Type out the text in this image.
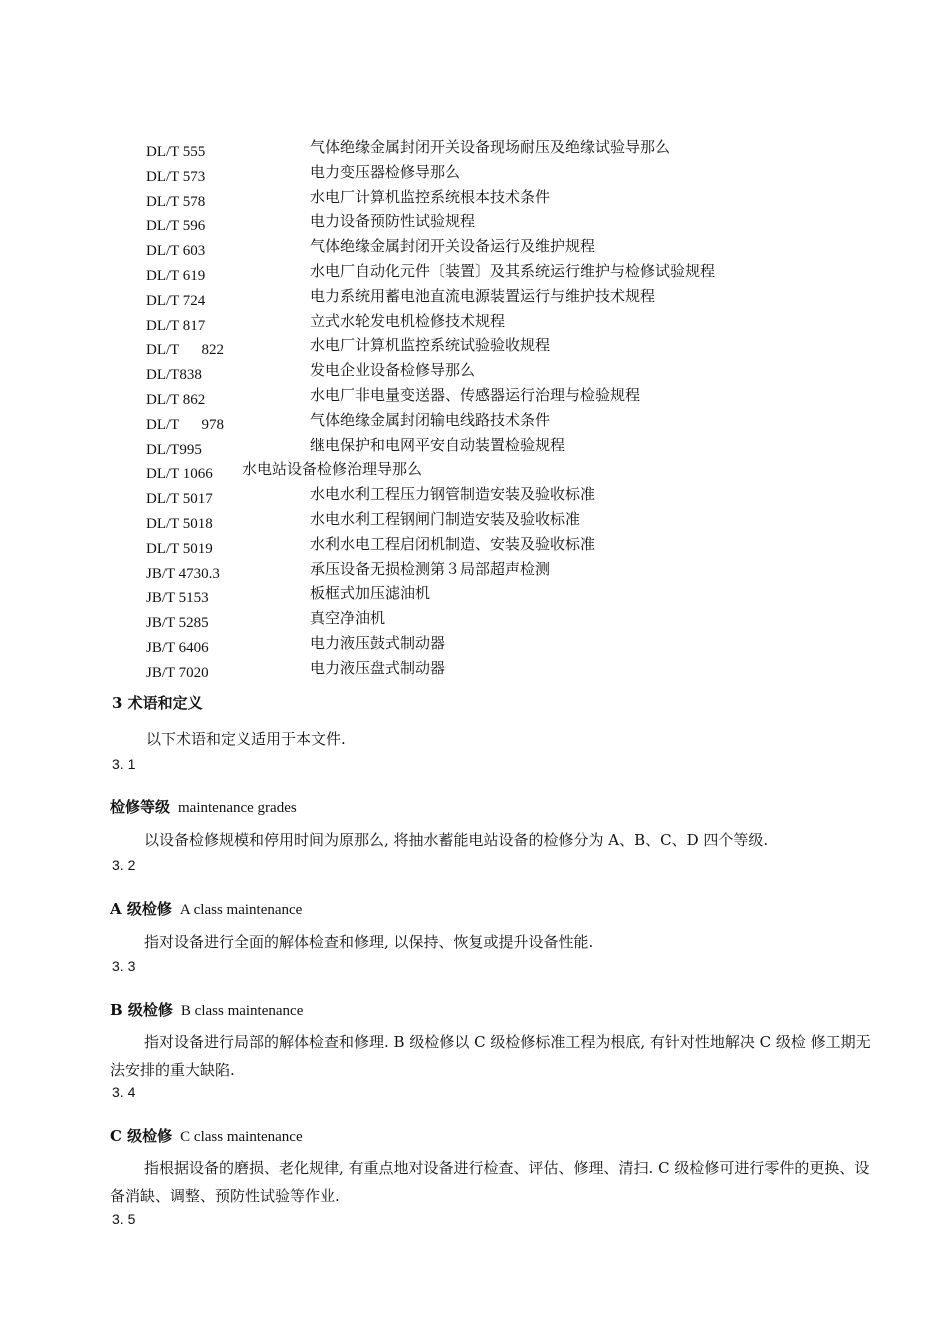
DL/T 555	气体绝缘金属封闭开关设备现场耐压及绝缘试验导那么
DL/T 573	电力变压器检修导那么
DL/T 578	水电厂计算机监控系统根本技术条件
DL/T 596	电力设备预防性试验规程
DL/T 603	气体绝缘金属封闭开关设备运行及维护规程
DL/T 619	水电厂自动化元件〔装置〕及其系统运行维护与检修试验规程
DL/T 724	电力系统用蓄电池直流电源装置运行与维护技术规程
DL/T 817	立式水轮发电机检修技术规程
DL/T      822	水电厂计算机监控系统试验验收规程
DL/T838	发电企业设备检修导那么
DL/T 862	水电厂非电量变送器、传感器运行治理与检验规程
DL/T      978	气体绝缘金属封闭输电线路技术条件
DL/T995	继电保护和电网平安自动装置检验规程
DL/T 1066 水电站设备检修治理导那么
DL/T 5017	水电水利工程压力钢管制造安装及验收标准
DL/T 5018	水电水利工程钢闸门制造安装及验收标准
DL/T 5019	水利水电工程启闭机制造、安装及验收标准
JB/T 4730.3	承压设备无损检测第３局部超声检测
JB/T 5153	板框式加压滤油机
JB/T 5285	真空净油机
JB/T 6406	电力液压鼓式制动器
JB/T 7020	电力液压盘式制动器
3 术语和定义
以下术语和定义适用于本文件.
3. 1
检修等级 maintenance grades
以设备检修规模和停用时间为原那么, 将抽水蓄能电站设备的检修分为 A、B、C、D 四个等级.
3. 2
A 级检修 A class maintenance
指对设备进行全面的解体检查和修理, 以保持、恢复或提升设备性能.
3. 3
B 级检修 B class maintenance
指对设备进行局部的解体检查和修理. B 级检修以 C 级检修标准工程为根底, 有针对性地解决 C 级检 修工期无法安排的重大缺陷.
3. 4
C 级检修 C class maintenance
指根据设备的磨损、老化规律, 有重点地对设备进行检查、评估、修理、清扫. C 级检修可进行零件的更换、设备消缺、调整、预防性试验等作业.
3. 5
